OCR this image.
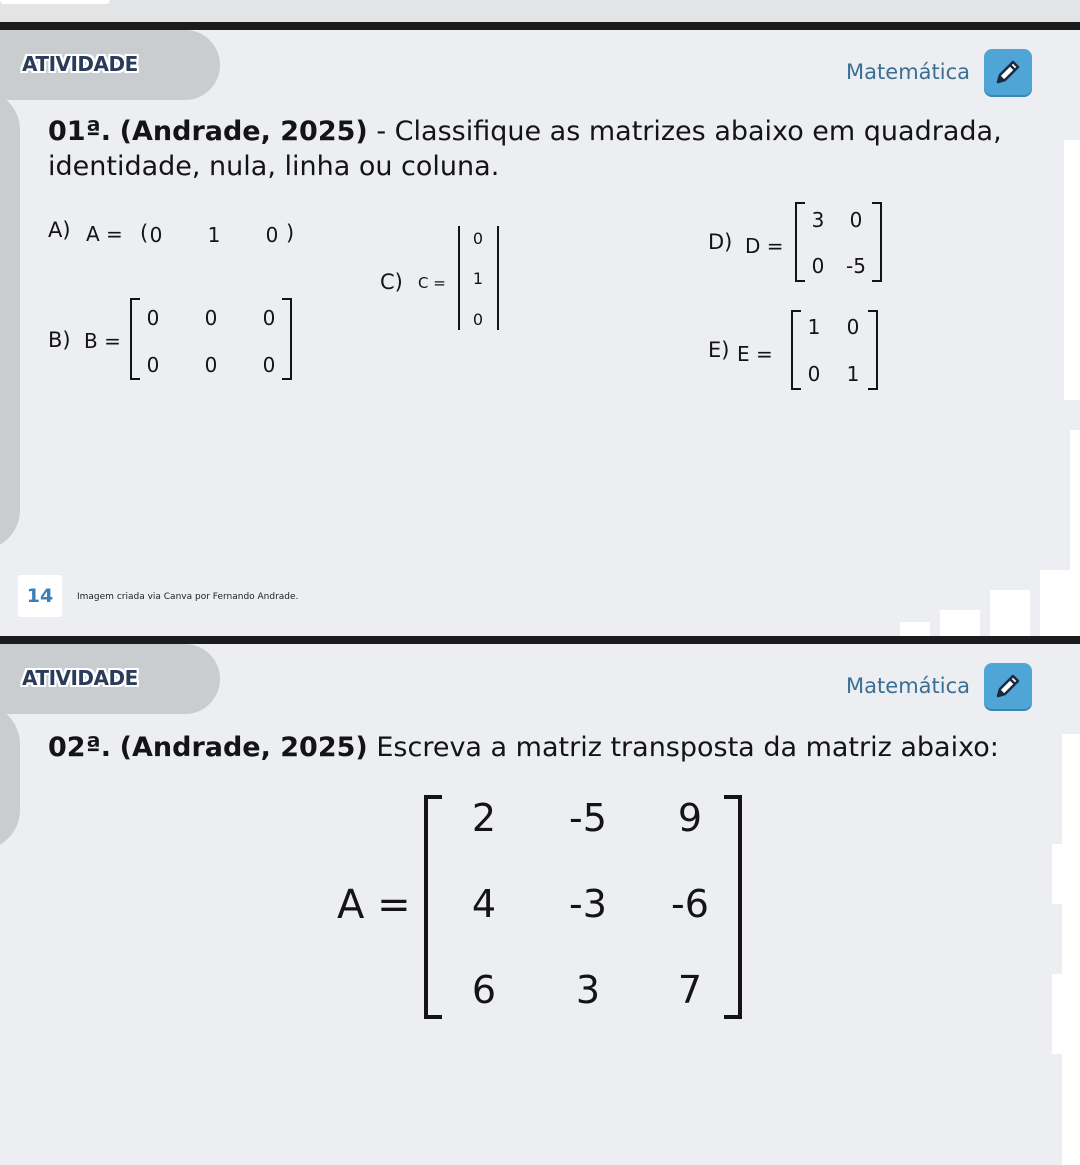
ATIVIDADE	Matemática
01ª. (Andrade, 2025) - Classifique as matrizes abaixo em quadrada,
identidade, nula, linha ou coluna.
A) A = ( 0 1 0 )
B) B =
0 0 0
0 0 0
C) C =
0
1
0
D) D =
3 0
0 -5
E) E =
1 0
0 1
14	Imagem criada via Canva por Fernando Andrade.
ATIVIDADE	Matemática
02ª. (Andrade, 2025) Escreva a matriz transposta da matriz abaixo:
A =
2	-5	9
4	-3	-6
6	3	7
